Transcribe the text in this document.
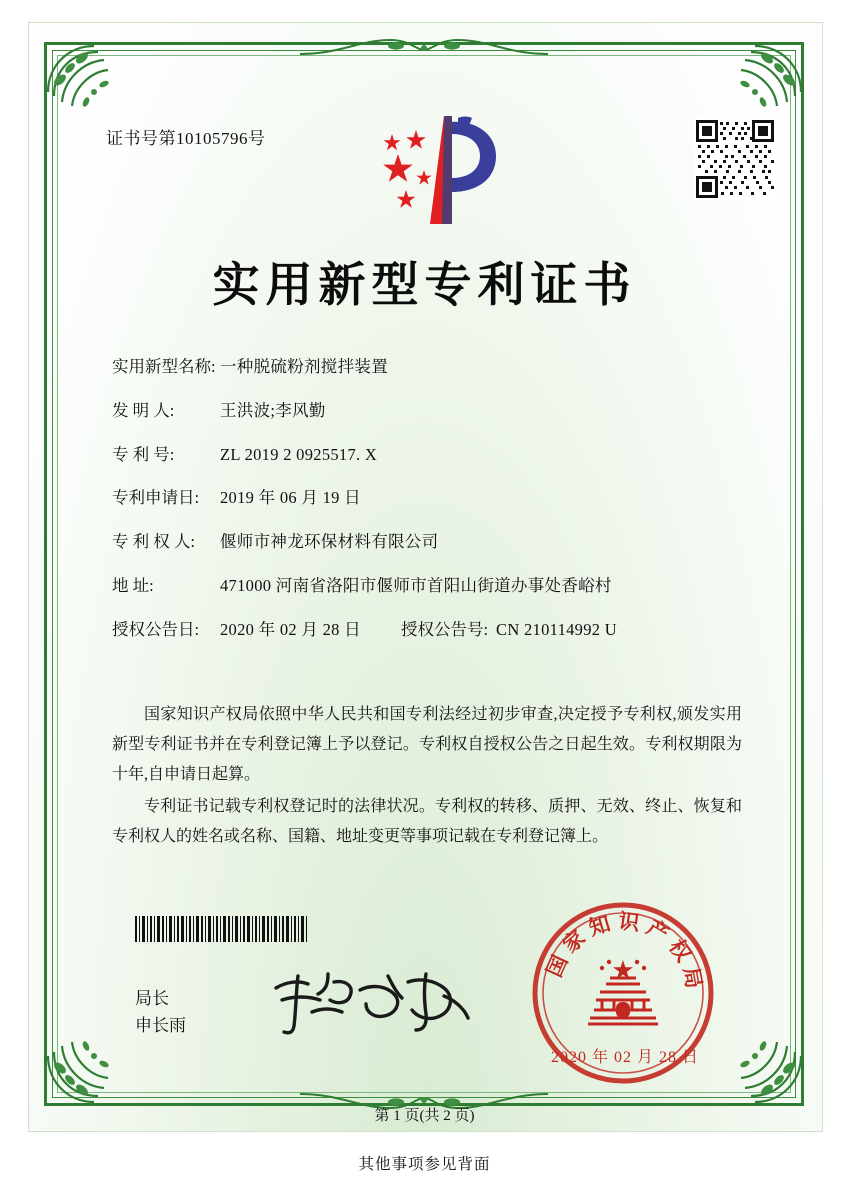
证书号第10105796号
实用新型专利证书
实用新型名称: 一种脱硫粉剂搅拌装置
发 明 人:	王洪波;李风勤
专 利 号:	ZL 2019 2 0925517. X
专利申请日:	2019 年 06 月 19 日
专 利 权 人:	偃师市神龙环保材料有限公司
地 址:	471000 河南省洛阳市偃师市首阳山街道办事处香峪村
授权公告日:	2020 年 02 月 28 日 授权公告号: CN 210114992 U

国家知识产权局依照中华人民共和国专利法经过初步审查,决定授予专利权,颁发实用新型专利证书并在专利登记簿上予以登记。专利权自授权公告之日起生效。专利权期限为十年,自申请日起算。

专利证书记载专利权登记时的法律状况。专利权的转移、质押、无效、终止、恢复和专利权人的姓名或名称、国籍、地址变更等事项记载在专利登记簿上。

局长
申长雨
国家知识产权局
2020 年 02 月 28 日
第 1 页(共 2 页)
其他事项参见背面
